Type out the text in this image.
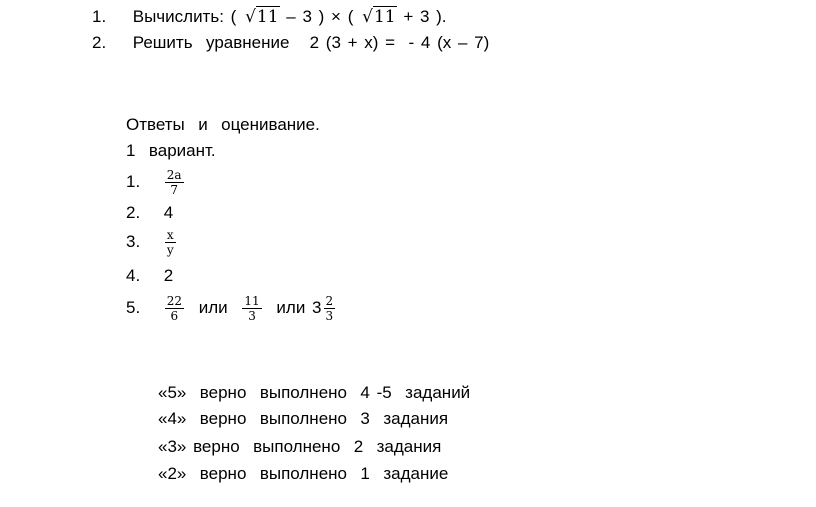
1. Вычислить: ( √11 – 3 ) × ( √11 + 3 ).
2. Решить  уравнение   2 (3 + х) =  - 4 (х – 7)
Ответы  и  оценивание.
1  вариант.
1. $\frac{2а}{7}$
2. 4
3. $\frac{х}{у}$
4. 2
5. $\frac{22}{6}$ или $\frac{11}{3}$ или $3 \frac{2}{3}$
«5»  верно  выполнено  4 -5  заданий
«4»  верно  выполнено  3  задания
«3» верно  выполнено  2  задания
«2»  верно  выполнено  1  задание
